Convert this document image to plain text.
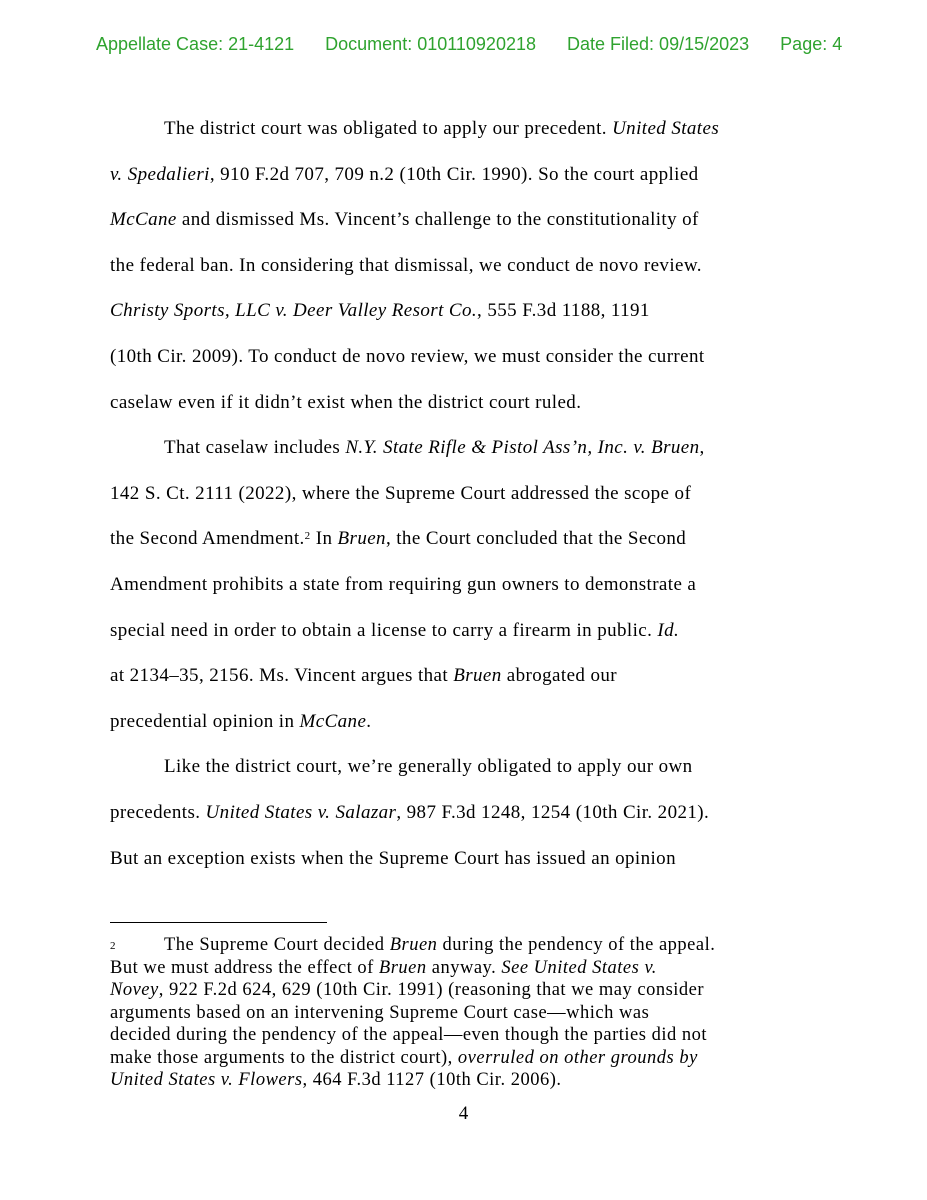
Appellate Case: 21-4121 Document: 010110920218 Date Filed: 09/15/2023 Page: 4

The district court was obligated to apply our precedent. United States
v. Spedalieri, 910 F.2d 707, 709 n.2 (10th Cir. 1990). So the court applied
McCane and dismissed Ms. Vincent’s challenge to the constitutionality of
the federal ban. In considering that dismissal, we conduct de novo review.
Christy Sports, LLC v. Deer Valley Resort Co., 555 F.3d 1188, 1191
(10th Cir. 2009). To conduct de novo review, we must consider the current
caselaw even if it didn’t exist when the district court ruled.

That caselaw includes N.Y. State Rifle & Pistol Ass’n, Inc. v. Bruen,
142 S. Ct. 2111 (2022), where the Supreme Court addressed the scope of
the Second Amendment.$^2$ In Bruen, the Court concluded that the Second
Amendment prohibits a state from requiring gun owners to demonstrate a
special need in order to obtain a license to carry a firearm in public. Id.
at 2134–35, 2156. Ms. Vincent argues that Bruen abrogated our
precedential opinion in McCane.

Like the district court, we’re generally obligated to apply our own
precedents. United States v. Salazar, 987 F.3d 1248, 1254 (10th Cir. 2021).
But an exception exists when the Supreme Court has issued an opinion

2	The Supreme Court decided Bruen during the pendency of the appeal.
But we must address the effect of Bruen anyway. See United States v.
Novey, 922 F.2d 624, 629 (10th Cir. 1991) (reasoning that we may consider
arguments based on an intervening Supreme Court case—which was
decided during the pendency of the appeal—even though the parties did not
make those arguments to the district court), overruled on other grounds by
United States v. Flowers, 464 F.3d 1127 (10th Cir. 2006).
4
